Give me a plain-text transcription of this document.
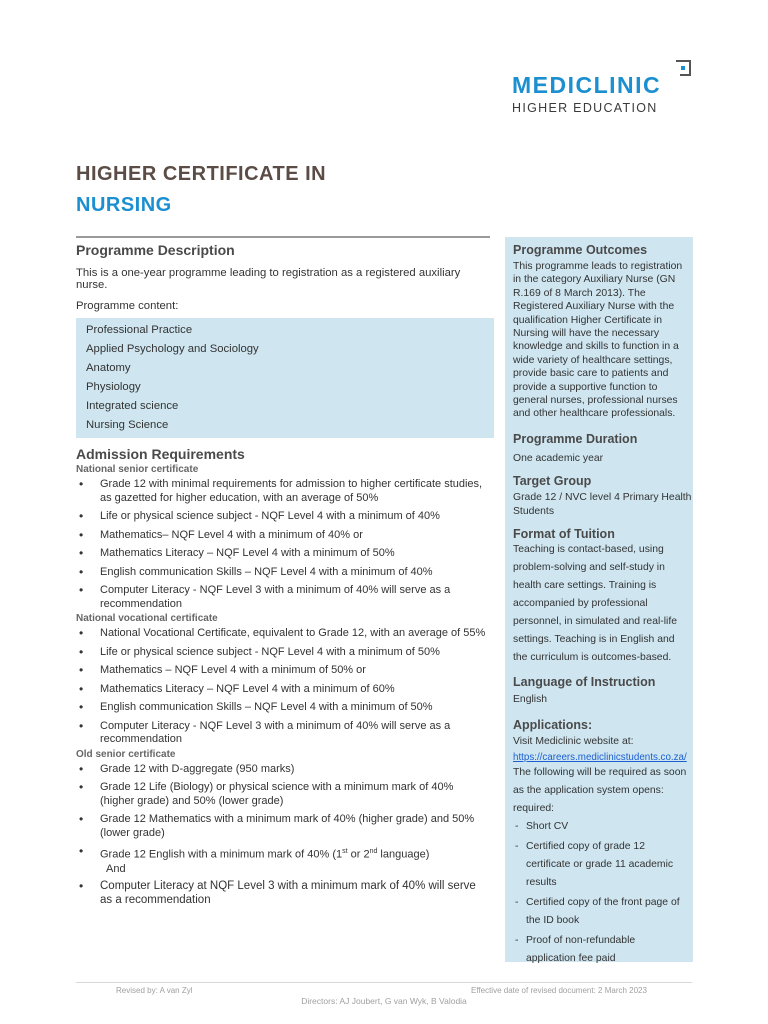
MEDICLINIC
HIGHER EDUCATION
HIGHER CERTIFICATE IN
NURSING
Programme Description
This is a one-year programme leading to registration as a registered auxiliary nurse.
Programme content:
Professional Practice
Applied Psychology and Sociology
Anatomy
Physiology
Integrated science
Nursing Science
Admission Requirements
National senior certificate
• Grade 12 with minimal requirements for admission to higher certificate studies, as gazetted for higher education, with an average of 50%
• Life or physical science subject - NQF Level 4 with a minimum of 40%
• Mathematics– NQF Level 4 with a minimum of 40% or
• Mathematics Literacy – NQF Level 4 with a minimum of 50%
• English communication Skills – NQF Level 4 with a minimum of 40%
• Computer Literacy - NQF Level 3 with a minimum of 40% will serve as a recommendation
National vocational certificate
• National Vocational Certificate, equivalent to Grade 12, with an average of 55%
• Life or physical science subject - NQF Level 4 with a minimum of 50%
• Mathematics – NQF Level 4 with a minimum of 50% or
• Mathematics Literacy – NQF Level 4 with a minimum of 60%
• English communication Skills – NQF Level 4 with a minimum of 50%
• Computer Literacy - NQF Level 3 with a minimum of 40% will serve as a recommendation
Old senior certificate
• Grade 12 with D-aggregate (950 marks)
• Grade 12 Life (Biology) or physical science with a minimum mark of 40% (higher grade) and 50% (lower grade)
• Grade 12 Mathematics with a minimum mark of 40% (higher grade) and 50% (lower grade)
• Grade 12 English with a minimum mark of 40% (1st or 2nd language)
And
• Computer Literacy at NQF Level 3 with a minimum mark of 40% will serve as a recommendation
Programme Outcomes
This programme leads to registration in the category Auxiliary Nurse (GN R.169 of 8 March 2013). The Registered Auxiliary Nurse with the qualification Higher Certificate in Nursing will have the necessary knowledge and skills to function in a wide variety of healthcare settings, provide basic care to patients and provide a supportive function to general nurses, professional nurses and other healthcare professionals.
Programme Duration
One academic year
Target Group
Grade 12 / NVC level 4 Primary Health Students
Format of Tuition
Teaching is contact-based, using problem-solving and self-study in health care settings. Training is accompanied by professional personnel, in simulated and real-life settings. Teaching is in English and the curriculum is outcomes-based.
Language of Instruction
English
Applications:
Visit Mediclinic website at:
https://careers.mediclinicstudents.co.za/
The following will be required as soon as the application system opens:
required:
- Short CV
- Certified copy of grade 12 certificate or grade 11 academic results
- Certified copy of the front page of the ID book
- Proof of non-refundable application fee paid
Revised by: A van Zyl	Effective date of revised document: 2 March 2023
Directors: AJ Joubert, G van Wyk, B Valodia
